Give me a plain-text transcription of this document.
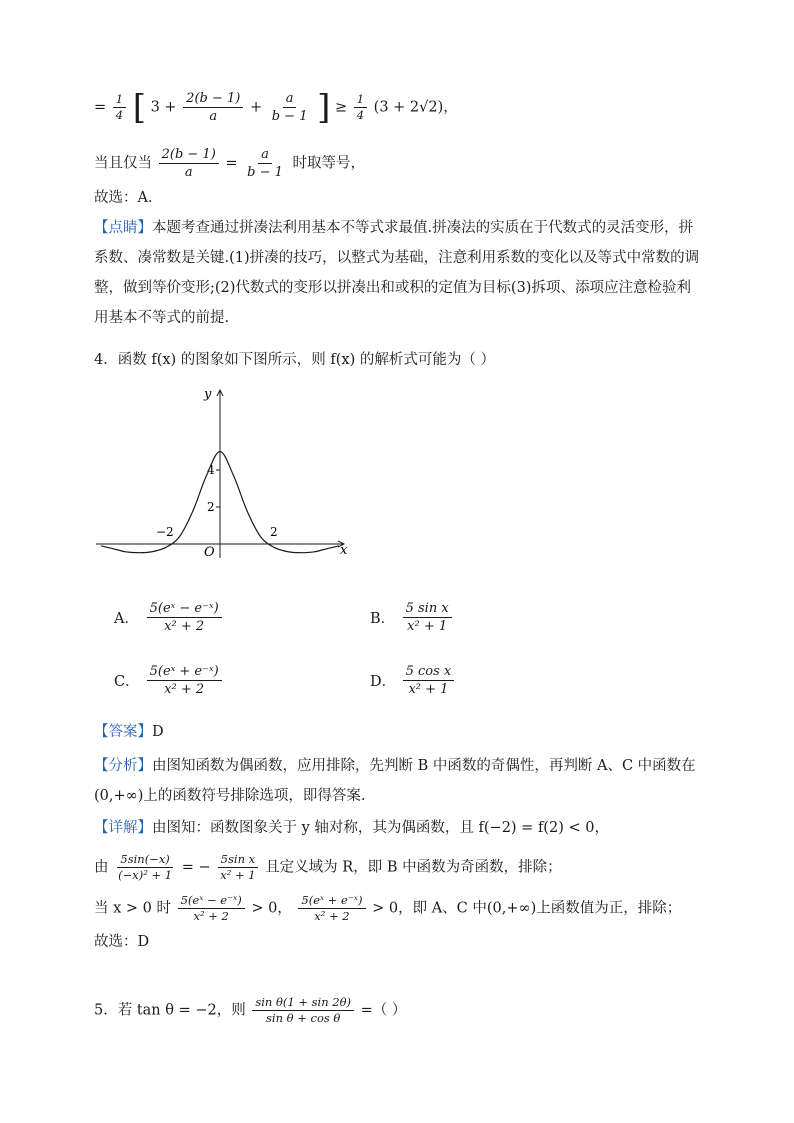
= $\frac{1}{4}$ [ $3 + \frac{2(b - 1)}{a} + \frac{a}{b - 1}$ ] ≥ $\frac{1}{4} (3 + 2√2)$，
当且仅当 $\frac{2(b - 1)}{a} = \frac{a}{b - 1}$ 时取等号，
故选：A．
【点睛】本题考查通过拼凑法利用基本不等式求最值.拼凑法的实质在于代数式的灵活变形，拼系数、凑常数是关键.(1)拼凑的技巧，以整式为基础，注意利用系数的变化以及等式中常数的调整，做到等价变形;(2)代数式的变形以拼凑出和或积的定值为目标(3)拆项、添项应注意检验利用基本不等式的前提.
4．函数 f(x) 的图象如下图所示，则 f(x) 的解析式可能为（ ）
−2	2
2
4
x
y
O
A． $\frac{\text{5(eˣ − e⁻ˣ)}}{\text{x² + 2}}$	B． $\frac{\text{5 sin x}}{\text{x² + 1}}$
C． $\frac{\text{5(eˣ + e⁻ˣ)}}{\text{x² + 2}}$	D． $\frac{\text{5 cos x}}{\text{x² + 1}}$
【答案】D
【分析】由图知函数为偶函数，应用排除，先判断 B 中函数的奇偶性，再判断 A、C 中函数在(0,+∞)上的函数符号排除选项，即得答案.
【详解】由图知：函数图象关于 y 轴对称，其为偶函数，且 f(−2) = f(2) < 0，
由 $\frac{5\sin(-x)}{\text{(−x)² + 1}}$ = − $\frac{\text{5sin x}}{\text{x² + 1}}$ 且定义域为 R，即 B 中函数为奇函数，排除；
当 x > 0 时 $\frac{\text{5(eˣ − e⁻ˣ)}}{\text{x² + 2}} > 0$， $\frac{\text{5(eˣ + e⁻ˣ)}}{\text{x² + 2}} > 0$，即 A、C 中(0,+∞)上函数值为正，排除；
故选：D
5．若 tan θ = −2，则 $\frac{\text{sin θ(1 + sin 2θ)}}{\text{sin θ + cos θ}}$ =（ ）
